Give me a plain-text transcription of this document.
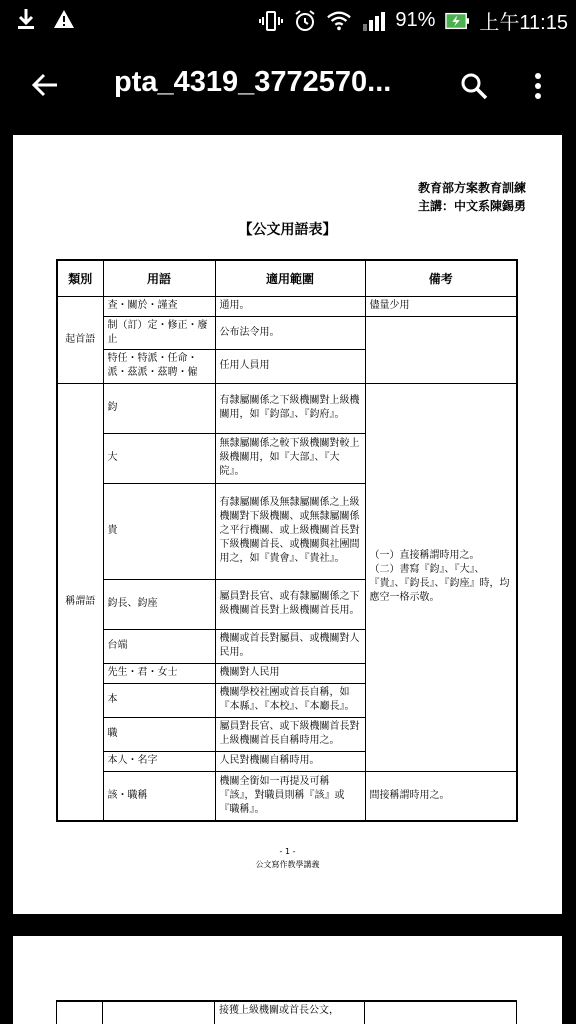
91% 上午11:15
pta_4319_3772570...
教育部方案教育訓練
主講：中文系陳錫勇
【公文用語表】
類別	用語	適用範圍	備考
起首語	查・關於・謹查	通用。	儘量少用
	制（訂）定・修正・廢止	公布法令用。	
	特任・特派・任命・派・茲派・茲聘・僱	任用人員用	
稱謂語	鈞	有隸屬關係之下級機關對上級機關用，如『鈞部』、『鈞府』。	（一）直接稱謂時用之。
（二）書寫『鈞』、『大』、『貴』、『鈞長』、『鈞座』時，均應空一格示敬。
	大	無隸屬關係之較下級機關對較上級機關用，如『大部』、『大院』。	
	貴	有隸屬關係及無隸屬關係之上級機關對下級機關、或無隸屬關係之平行機關、或上級機關首長對下級機關首長、或機關與社團間用之，如『貴會』、『貴社』。	
	鈞長、鈞座	屬員對長官、或有隸屬關係之下級機關首長對上級機關首長用。	
	台端	機關或首長對屬員、或機關對人民用。	
	先生・君・女士	機關對人民用	
	本	機關學校社團或首長自稱，如『本縣』、『本校』、『本廳長』。	
	職	屬員對長官、或下級機關首長對上級機關首長自稱時用之。	
	本人・名字	人民對機關自稱時用。	
	該・職稱	機關全銜如一再提及可稱『該』，對職員則稱『該』或『職稱』。	間接稱謂時用之。
- 1 -
公文寫作教學講義
		接獲上級機關或首長公文，	
